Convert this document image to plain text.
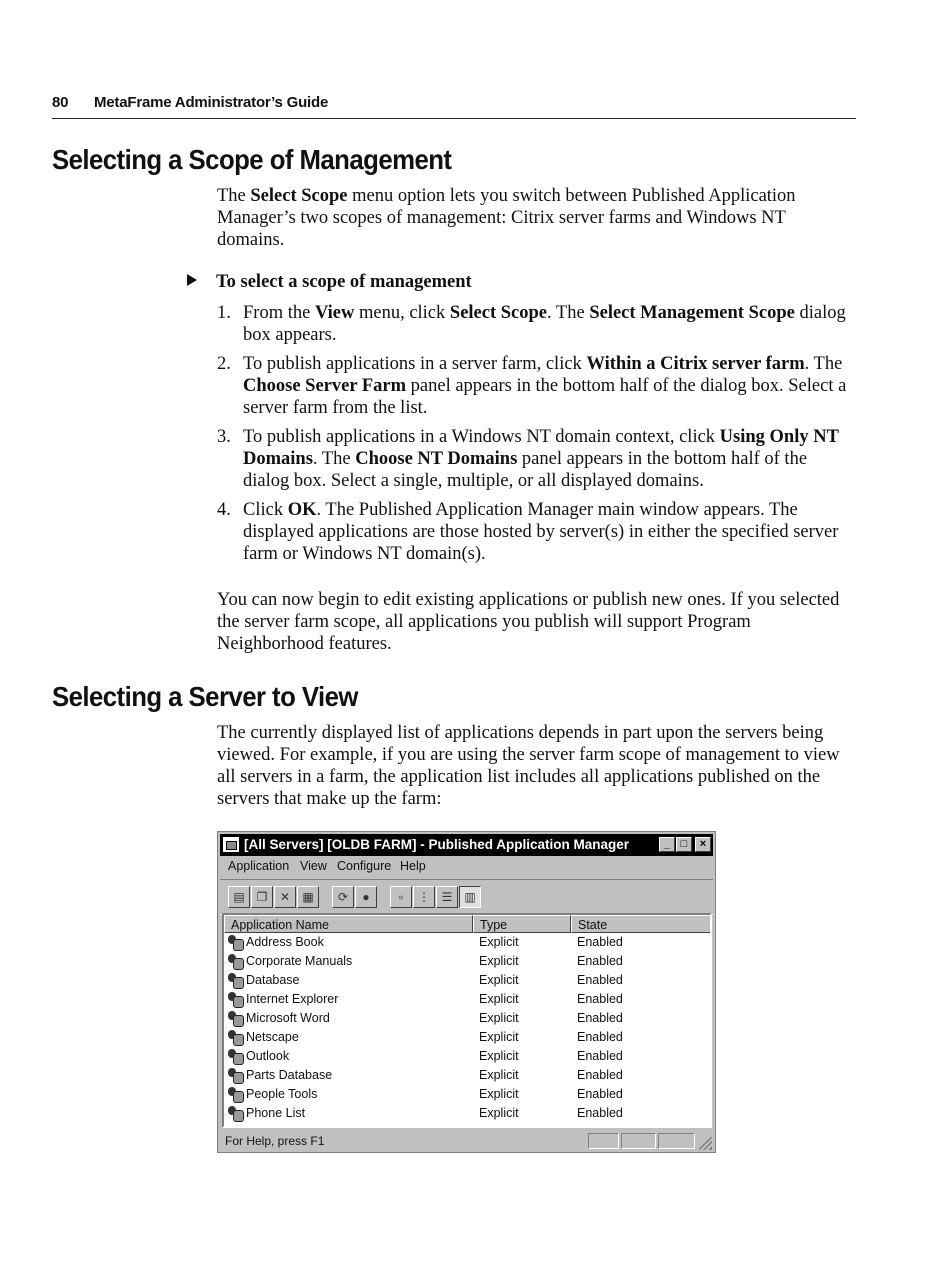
80 MetaFrame Administrator’s Guide
Selecting a Scope of Management

The Select Scope menu option lets you switch between Published Application Manager’s two scopes of management: Citrix server farms and Windows NT domains.

To select a scope of management
1. From the View menu, click Select Scope. The Select Management Scope dialog box appears.
2. To publish applications in a server farm, click Within a Citrix server farm. The Choose Server Farm panel appears in the bottom half of the dialog box. Select a server farm from the list.
3. To publish applications in a Windows NT domain context, click Using Only NT Domains. The Choose NT Domains panel appears in the bottom half of the dialog box. Select a single, multiple, or all displayed domains.
4. Click OK. The Published Application Manager main window appears. The displayed applications are those hosted by server(s) in either the specified server farm or Windows NT domain(s).

You can now begin to edit existing applications or publish new ones. If you selected the server farm scope, all applications you publish will support Program Neighborhood features.

Selecting a Server to View

The currently displayed list of applications depends in part upon the servers being viewed. For example, if you are using the server farm scope of management to view all servers in a farm, the application list includes all applications published on the servers that make up the farm:

[All Servers] [OLDB FARM] - Published Application Manager	_ □	×
Application View Configure Help
▤ ❐	✕	▦	⟳	●	▫	⋮ ☰ ▥
Application Name	Type	State
Address Book	Explicit	Enabled
Corporate Manuals	Explicit	Enabled
Database	Explicit	Enabled
Internet Explorer	Explicit	Enabled
Microsoft Word	Explicit	Enabled
Netscape	Explicit	Enabled
Outlook	Explicit	Enabled
Parts Database	Explicit	Enabled
People Tools	Explicit	Enabled
Phone List	Explicit	Enabled
For Help, press F1
